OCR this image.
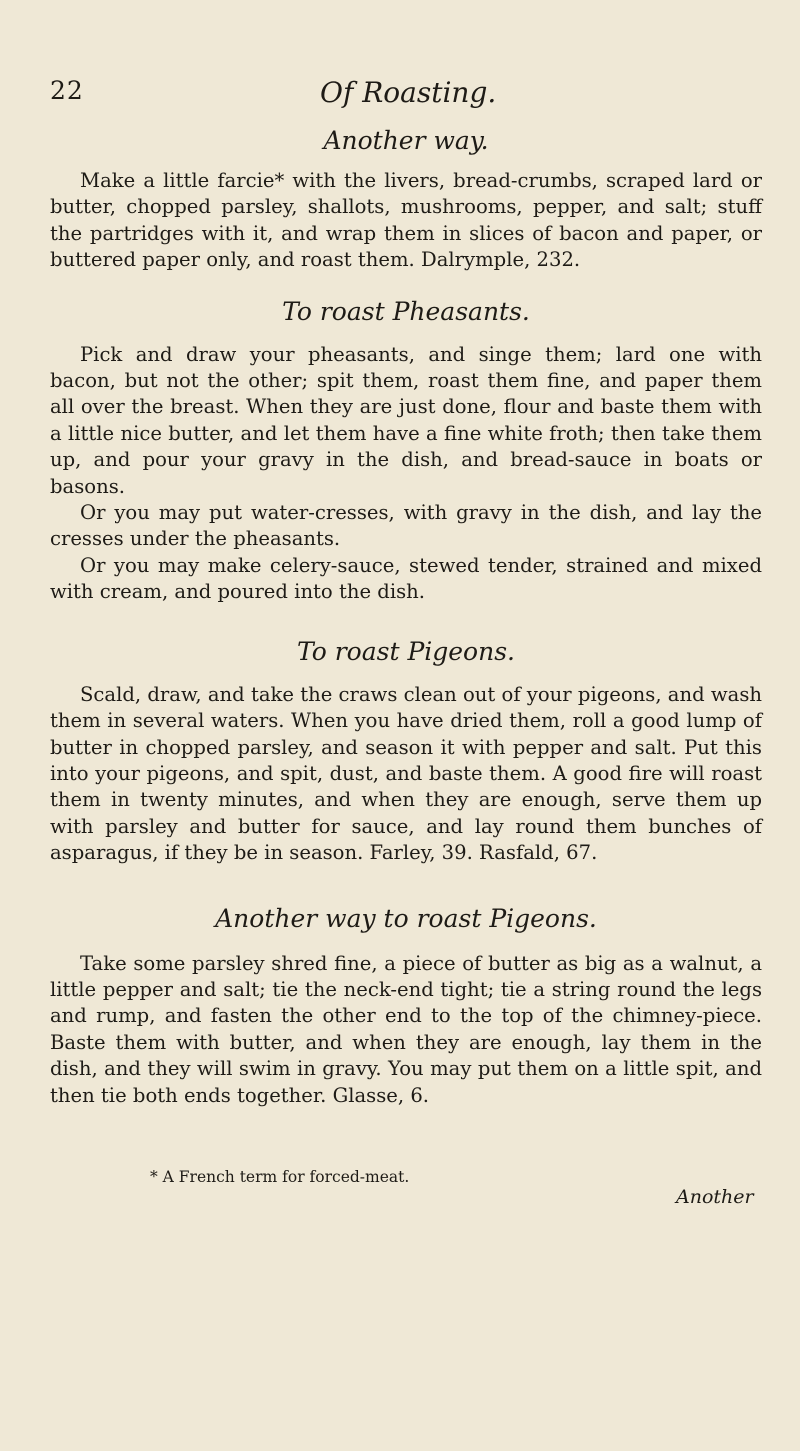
22	Of Roasting.
Another way.

Make a little farcie* with the livers, bread-crumbs, scraped lard or butter, chopped parsley, shallots, mushrooms, pepper, and salt; stuff the partridges with it, and wrap them in slices of bacon and paper, or buttered paper only, and roast them. Dalrymple, 232.

To roast Pheasants.

Pick and draw your pheasants, and singe them; lard one with bacon, but not the other; spit them, roast them fine, and paper them all over the breast. When they are just done, flour and baste them with a little nice butter, and let them have a fine white froth; then take them up, and pour your gravy in the dish, and bread-sauce in boats or basons.

Or you may put water-cresses, with gravy in the dish, and lay the cresses under the pheasants.

Or you may make celery-sauce, stewed tender, strained and mixed with cream, and poured into the dish.

To roast Pigeons.

Scald, draw, and take the craws clean out of your pigeons, and wash them in several waters. When you have dried them, roll a good lump of butter in chopped parsley, and season it with pepper and salt. Put this into your pigeons, and spit, dust, and baste them. A good fire will roast them in twenty minutes, and when they are enough, serve them up with parsley and butter for sauce, and lay round them bunches of asparagus, if they be in season. Farley, 39. Rasfald, 67.

Another way to roast Pigeons.

Take some parsley shred fine, a piece of butter as big as a walnut, a little pepper and salt; tie the neck-end tight; tie a string round the legs and rump, and fasten the other end to the top of the chimney-piece. Baste them with butter, and when they are enough, lay them in the dish, and they will swim in gravy. You may put them on a little spit, and then tie both ends together. Glasse, 6.

* A French term for forced-meat.
Another
